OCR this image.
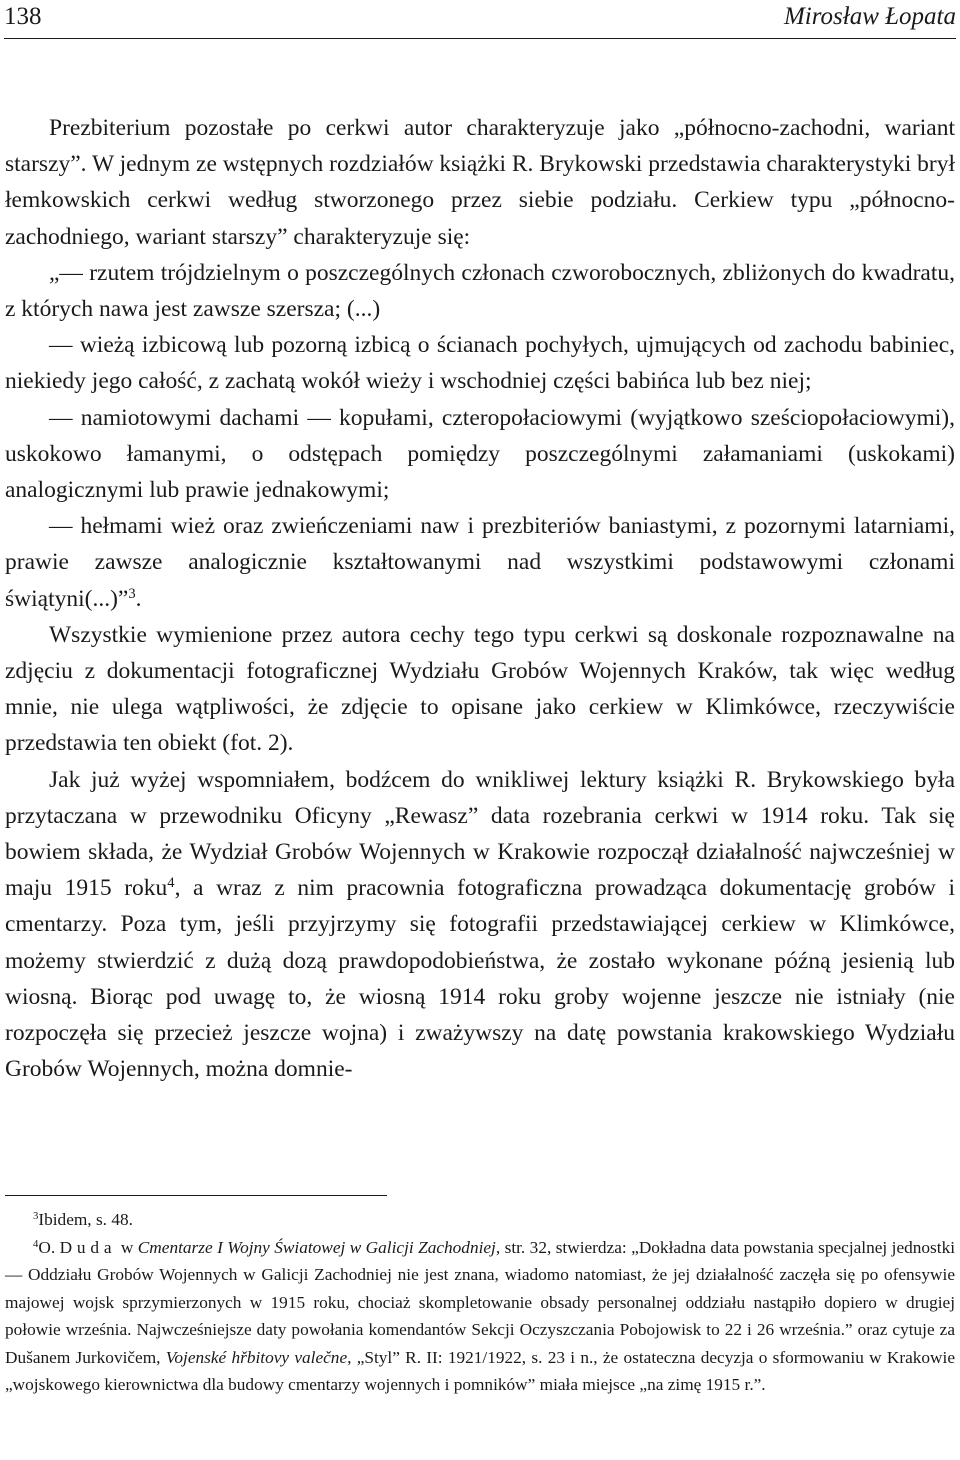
138	Mirosław Łopata

Prezbiterium pozostałe po cerkwi autor charakteryzuje jako „północno-zachodni, wariant starszy”. W jednym ze wstępnych rozdziałów książki R. Brykowski przedstawia charakterystyki brył łemkowskich cerkwi według stworzonego przez siebie podziału. Cerkiew typu „północno-zachodniego, wariant starszy” charakteryzuje się:

„— rzutem trójdzielnym o poszczególnych członach czworobocznych, zbliżonych do kwadratu, z których nawa jest zawsze szersza; (...)

— wieżą izbicową lub pozorną izbicą o ścianach pochyłych, ujmujących od zachodu babiniec, niekiedy jego całość, z zachatą wokół wieży i wschodniej części babińca lub bez niej;

— namiotowymi dachami — kopułami, czteropołaciowymi (wyjątkowo sześciopołaciowymi), uskokowo łamanymi, o odstępach pomiędzy poszczególnymi załamaniami (uskokami) analogicznymi lub prawie jednakowymi;

— hełmami wież oraz zwieńczeniami naw i prezbiteriów baniastymi, z pozornymi latarniami, prawie zawsze analogicznie kształtowanymi nad wszystkimi podstawowymi członami świątyni(...)”$^3$.

Wszystkie wymienione przez autora cechy tego typu cerkwi są doskonale rozpoznawalne na zdjęciu z dokumentacji fotograficznej Wydziału Grobów Wojennych Kraków, tak więc według mnie, nie ulega wątpliwości, że zdjęcie to opisane jako cerkiew w Klimkówce, rzeczywiście przedstawia ten obiekt (fot. 2).

Jak już wyżej wspomniałem, bodźcem do wnikliwej lektury książki R. Brykowskiego była przytaczana w przewodniku Oficyny „Rewasz” data rozebrania cerkwi w 1914 roku. Tak się bowiem składa, że Wydział Grobów Wojennych w Krakowie rozpoczął działalność najwcześniej w maju 1915 roku$^4$, a wraz z nim pracownia fotograficzna prowadząca dokumentację grobów i cmentarzy. Poza tym, jeśli przyjrzymy się fotografii przedstawiającej cerkiew w Klimkówce, możemy stwierdzić z dużą dozą prawdopodobieństwa, że zostało wykonane późną jesienią lub wiosną. Biorąc pod uwagę to, że wiosną 1914 roku groby wojenne jeszcze nie istniały (nie rozpoczęła się przecież jeszcze wojna) i zważywszy na datę powstania krakowskiego Wydziału Grobów Wojennych, można domnie-

$^3$Ibidem, s. 48.

$^4$O. Duda w Cmentarze I Wojny Światowej w Galicji Zachodniej, str. 32, stwierdza: „Dokładna data powstania specjalnej jednostki — Oddziału Grobów Wojennych w Galicji Zachodniej nie jest znana, wiadomo natomiast, że jej działalność zaczęła się po ofensywie majowej wojsk sprzymierzonych w 1915 roku, chociaż skompletowanie obsady personalnej oddziału nastąpiło dopiero w drugiej połowie września. Najwcześniejsze daty powołania komendantów Sekcji Oczyszczania Pobojowisk to 22 i 26 września.” oraz cytuje za Dušanem Jurkovičem, Vojenské hřbitovy valečne, „Styl” R. II: 1921/1922, s. 23 i n., że ostateczna decyzja o sformowaniu w Krakowie „wojskowego kierownictwa dla budowy cmentarzy wojennych i pomników” miała miejsce „na zimę 1915 r.”.
